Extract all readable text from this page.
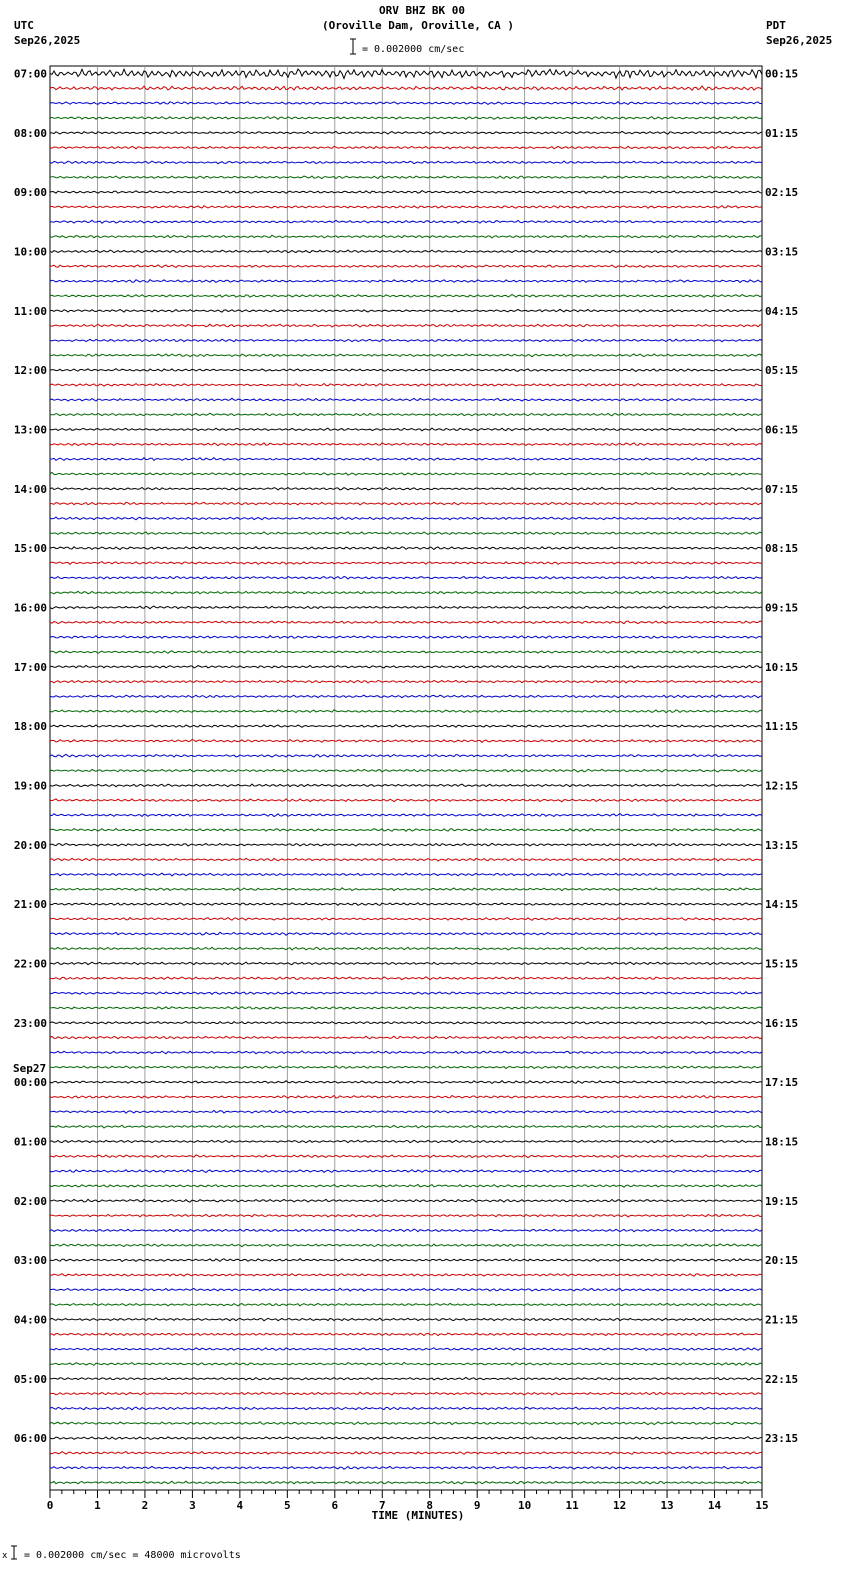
07:00
08:00
09:00
10:00
11:00
12:00
13:00
14:00
15:00
16:00
17:00
18:00
19:00
20:00
21:00
22:00
23:00
00:00
01:00
02:00
03:00
04:00
05:00
06:00
00:15
01:15
02:15
03:15
04:15
05:15
06:15
07:15
08:15
09:15
10:15
11:15
12:15
13:15
14:15
15:15
16:15
17:15
18:15
19:15
20:15
21:15
22:15
23:15
Sep27
0	1	2	3	4	5	6	7	8	9	10	11	12	13	14	15
ORV BHZ BK 00
(Oroville Dam, Oroville, CA )
UTC
Sep26,2025
PDT
Sep26,2025
= 0.002000 cm/sec
TIME (MINUTES)
x = 0.002000 cm/sec = 48000 microvolts
